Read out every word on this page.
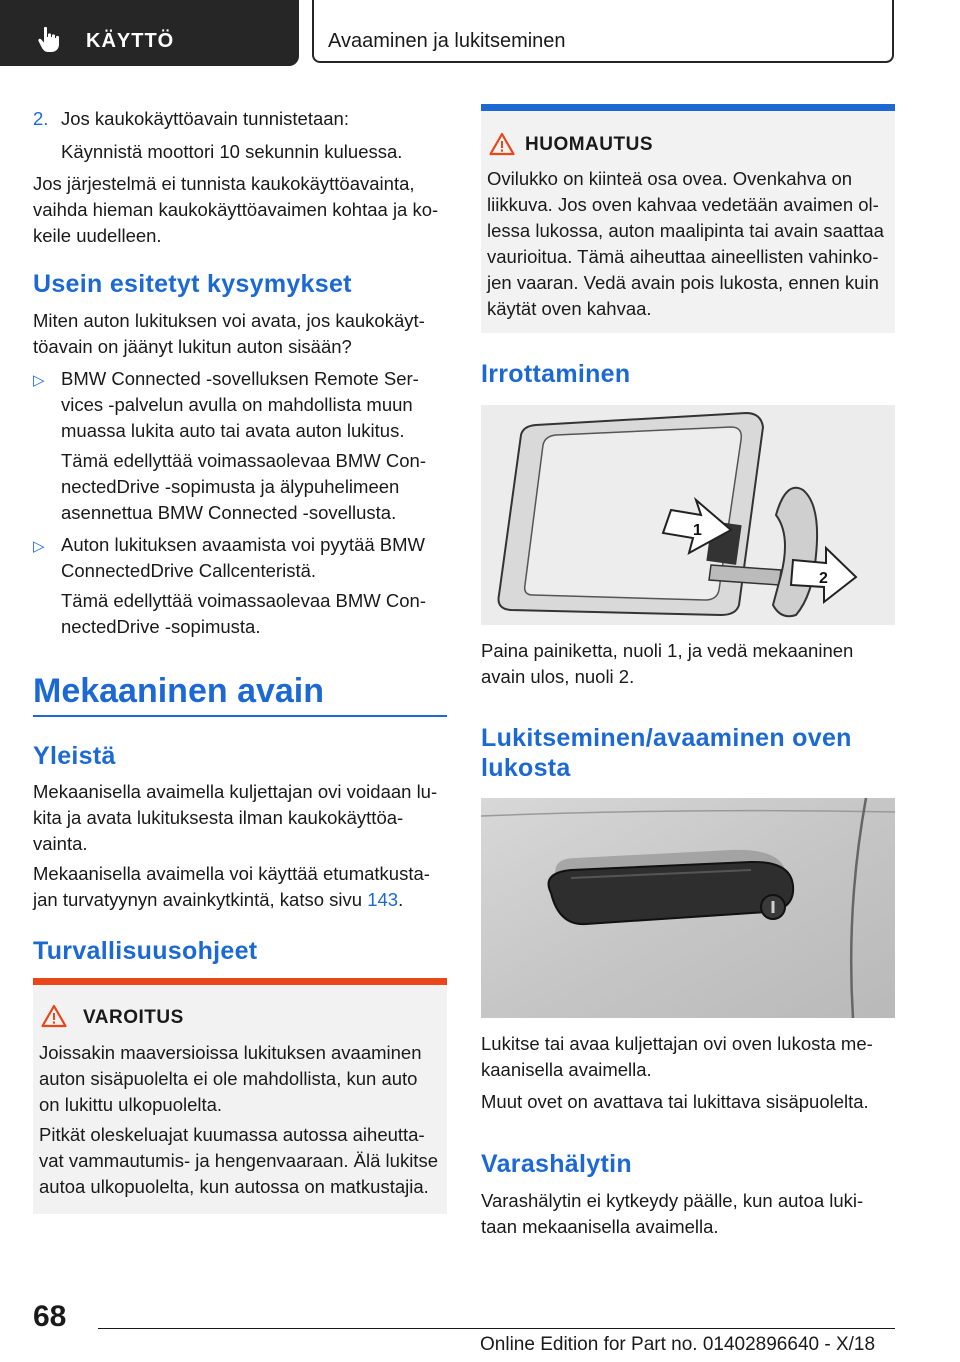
KÄYTTÖ	Avaaminen ja lukitseminen

2. Jos kaukokäyttöavain tunnistetaan:

Käynnistä moottori 10 sekunnin kuluessa.

Jos järjestelmä ei tunnista kaukokäyttöavainta,

vaihda hieman kaukokäyttöavaimen kohtaa ja ko-

keile uudelleen.

Usein esitetyt kysymykset

Miten auton lukituksen voi avata, jos kaukokäyt-

töavain on jäänyt lukitun auton sisään?

▷ BMW Connected -sovelluksen Remote Ser-

vices -palvelun avulla on mahdollista muun

muassa lukita auto tai avata auton lukitus.

Tämä edellyttää voimassaolevaa BMW Con-

nectedDrive -sopimusta ja älypuhelimeen

asennettua BMW Connected -sovellusta.

▷ Auton lukituksen avaamista voi pyytää BMW

ConnectedDrive Callcenteristä.

Tämä edellyttää voimassaolevaa BMW Con-

nectedDrive -sopimusta.

Mekaaninen avain
Yleistä

Mekaanisella avaimella kuljettajan ovi voidaan lu-

kita ja avata lukituksesta ilman kaukokäyttöa-

vainta.

Mekaanisella avaimella voi käyttää etumatkusta-

jan turvatyynyn avainkytkintä, katso sivu 143.

Turvallisuusohjeet
VAROITUS

Joissakin maaversioissa lukituksen avaaminen

auton sisäpuolelta ei ole mahdollista, kun auto

on lukittu ulkopuolelta.

Pitkät oleskeluajat kuumassa autossa aiheutta-

vat vammautumis- ja hengenvaaraan. Älä lukitse

autoa ulkopuolelta, kun autossa on matkustajia.

HUOMAUTUS

Ovilukko on kiinteä osa ovea. Ovenkahva on

liikkuva. Jos oven kahvaa vedetään avaimen ol-

lessa lukossa, auton maalipinta tai avain saattaa

vaurioitua. Tämä aiheuttaa aineellisten vahinko-

jen vaaran. Vedä avain pois lukosta, ennen kuin

käytät oven kahvaa.

Irrottaminen
1
2

Paina painiketta, nuoli 1, ja vedä mekaaninen

avain ulos, nuoli 2.

Lukitseminen/avaaminen oven
lukosta

Lukitse tai avaa kuljettajan ovi oven lukosta me-

kaanisella avaimella.

Muut ovet on avattava tai lukittava sisäpuolelta.

Varashälytin

Varashälytin ei kytkeydy päälle, kun autoa luki-

taan mekaanisella avaimella.

68
Online Edition for Part no. 01402896640 - X/18
